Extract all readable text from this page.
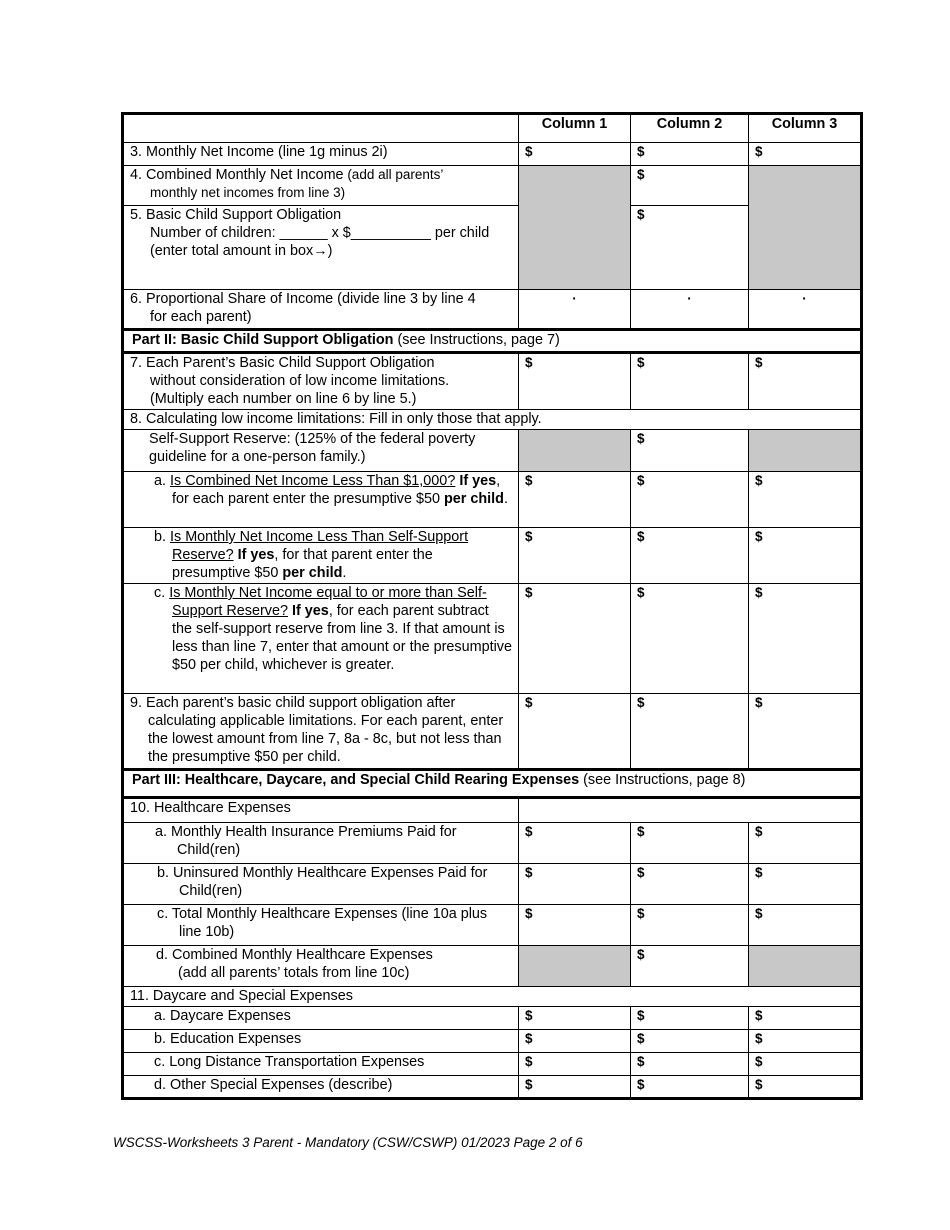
	Column 1	Column 2	Column 3
3. Monthly Net Income (line 1g minus 2i)	$	$	$
4. Combined Monthly Net Income (add all parents’
monthly net incomes from line 3)		$	

5. Basic Child Support Obligation
Number of children: ______ x $__________ per child
(enter total amount in box→)		$	

6. Proportional Share of Income (divide line 3 by line 4
for each parent)	·	·	·
Part II: Basic Child Support Obligation (see Instructions, page 7)			

7. Each Parent’s Basic Child Support Obligation
without consideration of low income limitations.
(Multiply each number on line 6 by line 5.)	$	$	$
8. Calculating low income limitations: Fill in only those that apply.			
Self-Support Reserve: (125% of the federal poverty guideline for a one-person family.)		$	

a. Is Combined Net Income Less Than $1,000? If yes, for each parent enter the presumptive $50 per child.	$	$	$

b. Is Monthly Net Income Less Than Self-Support Reserve? If yes, for that parent enter the presumptive $50 per child.	$	$	$

c. Is Monthly Net Income equal to or more than Self-Support Reserve? If yes, for each parent subtract the self-support reserve from line 3. If that amount is less than line 7, enter that amount or the presumptive $50 per child, whichever is greater.	$	$	$

9. Each parent’s basic child support obligation after calculating applicable limitations. For each parent, enter the lowest amount from line 7, 8a - 8c, but not less than the presumptive $50 per child.	$	$	$
Part III: Healthcare, Daycare, and Special Child Rearing Expenses (see Instructions, page 8)			
10. Healthcare Expenses			

a. Monthly Health Insurance Premiums Paid for Child(ren)	$	$	$

b. Uninsured Monthly Healthcare Expenses Paid for Child(ren)	$	$	$

c. Total Monthly Healthcare Expenses (line 10a plus line 10b)	$	$	$

d. Combined Monthly Healthcare Expenses
(add all parents’ totals from line 10c)		$	
11. Daycare and Special Expenses			
a. Daycare Expenses	$	$	$
b. Education Expenses	$	$	$
c. Long Distance Transportation Expenses	$	$	$
d. Other Special Expenses (describe)	$	$	$
WSCSS-Worksheets 3 Parent - Mandatory (CSW/CSWP) 01/2023 Page 2 of 6
